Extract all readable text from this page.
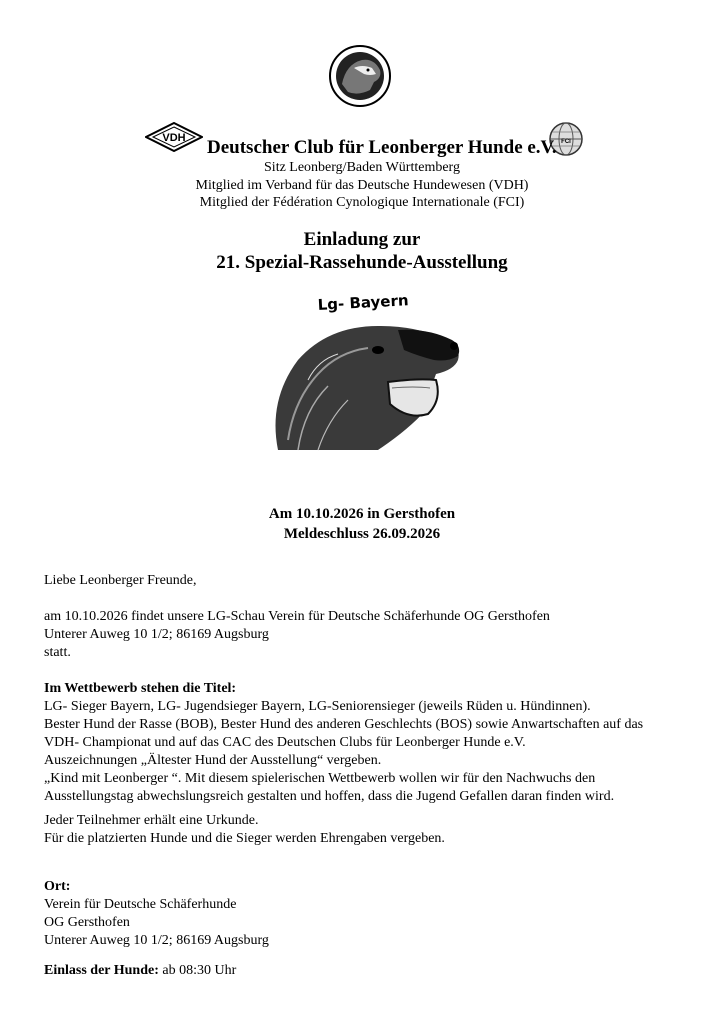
VDH	FCI
Deutscher Club für Leonberger Hunde e.V.
Sitz Leonberg/Baden Württemberg
Mitglied im Verband für das Deutsche Hundewesen (VDH)
Mitglied der Fédération Cynologique Internationale (FCI)
Einladung zur
21. Spezial-Rassehunde-Ausstellung
Lg- Bayern
Am 10.10.2026 in Gersthofen
Meldeschluss 26.09.2026

Liebe Leonberger Freunde,

am 10.10.2026 findet unsere LG-Schau Verein für Deutsche Schäferhunde OG Gersthofen

Unterer Auweg 10 1/2; 86169 Augsburg

statt.

Im Wettbewerb stehen die Titel:

LG- Sieger Bayern, LG- Jugendsieger Bayern, LG-Seniorensieger (jeweils Rüden u. Hündinnen).

Bester Hund der Rasse (BOB), Bester Hund des anderen Geschlechts (BOS) sowie Anwartschaften auf das

VDH- Championat und auf das CAC des Deutschen Clubs für Leonberger Hunde e.V.

Auszeichnungen „Ältester Hund der Ausstellung“ vergeben.

„Kind mit Leonberger “. Mit diesem spielerischen Wettbewerb wollen wir für den Nachwuchs den

Ausstellungstag abwechslungsreich gestalten und hoffen, dass die Jugend Gefallen daran finden wird.

Jeder Teilnehmer erhält eine Urkunde.

Für die platzierten Hunde und die Sieger werden Ehrengaben vergeben.

Ort:

Verein für Deutsche Schäferhunde

OG Gersthofen

Unterer Auweg 10 1/2; 86169 Augsburg

Einlass der Hunde: ab 08:30 Uhr
